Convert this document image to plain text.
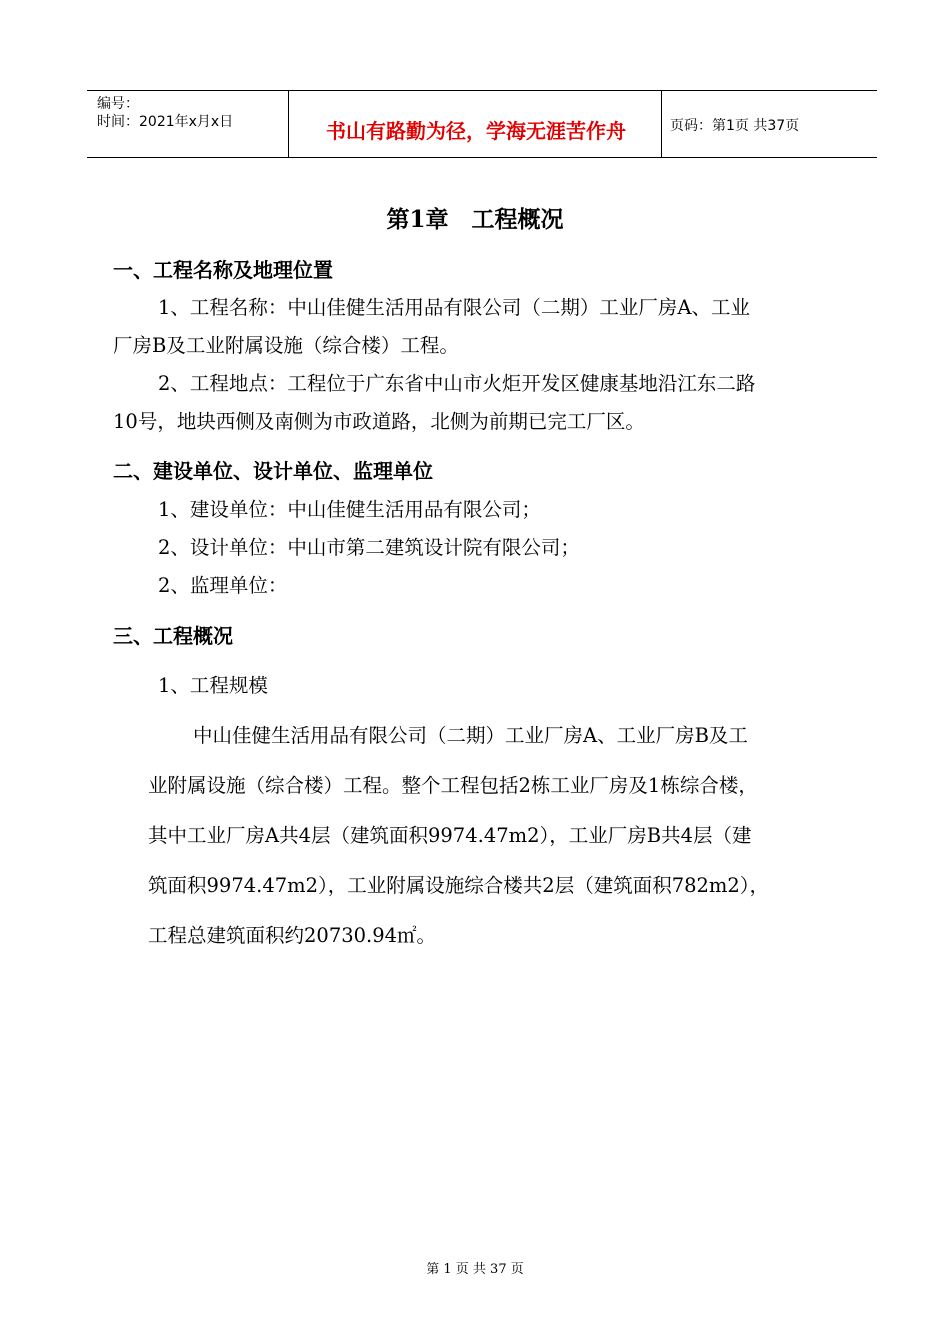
编号：
时间：2021年x月x日	书山有路勤为径，学海无涯苦作舟	页码：第1页 共37页
第1章　工程概况
一、工程名称及地理位置
1、工程名称：中山佳健生活用品有限公司（二期）工业厂房A、工业
厂房B及工业附属设施（综合楼）工程。
2、工程地点：工程位于广东省中山市火炬开发区健康基地沿江东二路
10号，地块西侧及南侧为市政道路，北侧为前期已完工厂区。
二、建设单位、设计单位、监理单位
1、建设单位：中山佳健生活用品有限公司；
2、设计单位：中山市第二建筑设计院有限公司；
2、监理单位：
三、工程概况
1、工程规模
中山佳健生活用品有限公司（二期）工业厂房A、工业厂房B及工
业附属设施（综合楼）工程。整个工程包括2栋工业厂房及1栋综合楼，
其中工业厂房A共4层（建筑面积9974.47m2），工业厂房B共4层（建
筑面积9974.47m2），工业附属设施综合楼共2层（建筑面积782m2），
工程总建筑面积约20730.94㎡。
第 1 页 共 37 页
